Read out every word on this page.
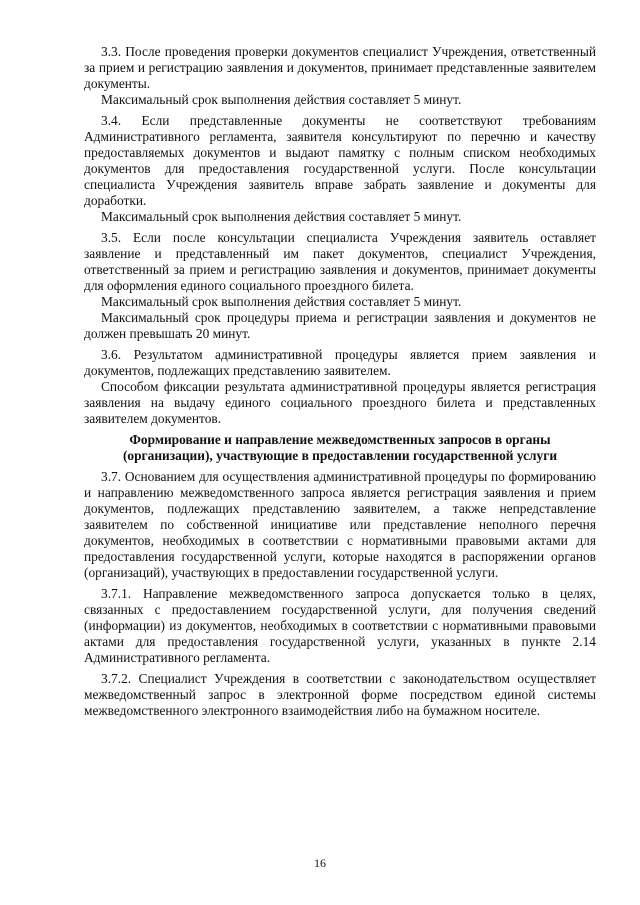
3.3. После проведения проверки документов специалист Учреждения, ответственный за прием и регистрацию заявления и документов, принимает представленные заявителем документы.

Максимальный срок выполнения действия составляет 5 минут.

3.4. Если представленные документы не соответствуют требованиям Административного регламента, заявителя консультируют по перечню и качеству предоставляемых документов и выдают памятку с полным списком необходимых документов для предоставления государственной услуги. После консультации специалиста Учреждения заявитель вправе забрать заявление и документы для доработки.

Максимальный срок выполнения действия составляет 5 минут.

3.5. Если после консультации специалиста Учреждения заявитель оставляет заявление и представленный им пакет документов, специалист Учреждения, ответственный за прием и регистрацию заявления и документов, принимает документы для оформления единого социального проездного билета.

Максимальный срок выполнения действия составляет 5 минут.

Максимальный срок процедуры приема и регистрации заявления и документов не должен превышать 20 минут.

3.6. Результатом административной процедуры является прием заявления и документов, подлежащих представлению заявителем.

Способом фиксации результата административной процедуры является регистрация заявления на выдачу единого социального проездного билета и представленных заявителем документов.

Формирование и направление межведомственных запросов в органы (организации), участвующие в предоставлении государственной услуги

3.7. Основанием для осуществления административной процедуры по формированию и направлению межведомственного запроса является регистрация заявления и прием документов, подлежащих представлению заявителем, а также непредставление заявителем по собственной инициативе или представление неполного перечня документов, необходимых в соответствии с нормативными правовыми актами для предоставления государственной услуги, которые находятся в распоряжении органов (организаций), участвующих в предоставлении государственной услуги.

3.7.1. Направление межведомственного запроса допускается только в целях, связанных с предоставлением государственной услуги, для получения сведений (информации) из документов, необходимых в соответствии с нормативными правовыми актами для предоставления государственной услуги, указанных в пункте 2.14 Административного регламента.

3.7.2. Специалист Учреждения в соответствии с законодательством осуществляет межведомственный запрос в электронной форме посредством единой системы межведомственного электронного взаимодействия либо на бумажном носителе.

16
